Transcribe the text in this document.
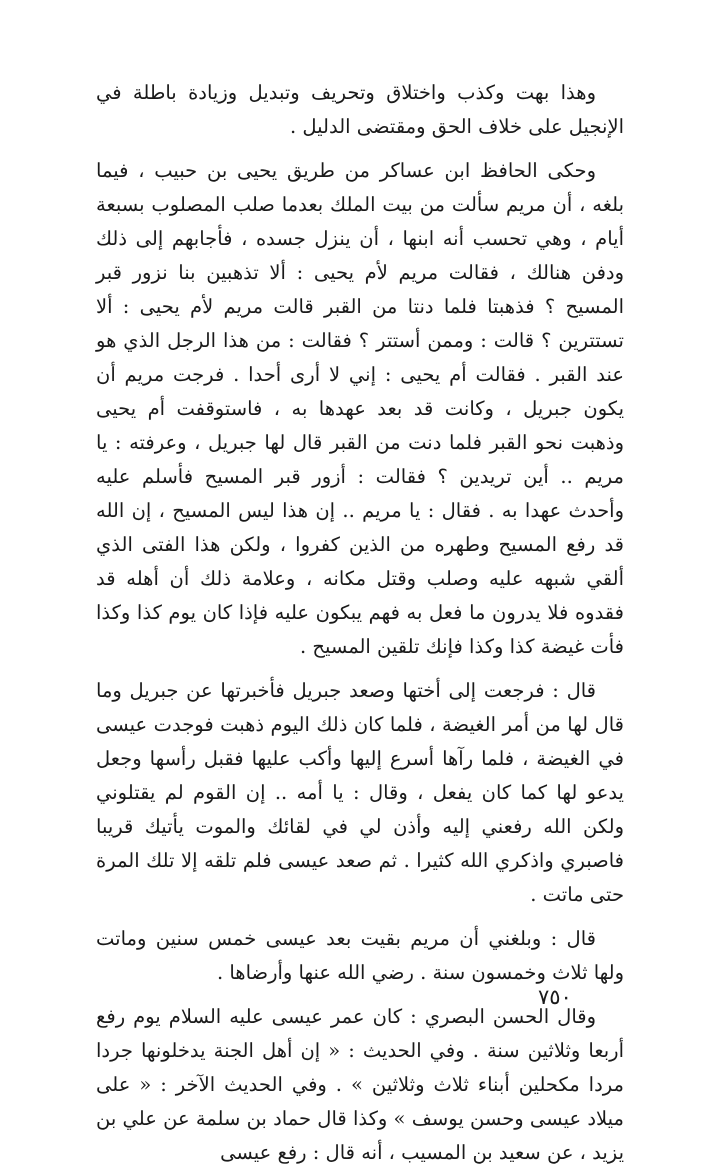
وهذا بهت وكذب واختلاق وتحريف وتبديل وزيادة باطلة في الإنجيل على خلاف الحق ومقتضى الدليل .

وحكى الحافظ ابن عساكر من طريق يحيى بن حبيب ، فيما بلغه ، أن مريم سألت من بيت الملك بعدما صلب المصلوب بسبعة أيام ، وهي تحسب أنه ابنها ، أن ينزل جسده ، فأجابهم إلى ذلك ودفن هنالك ، فقالت مريم لأم يحيى : ألا تذهبين بنا نزور قبر المسيح ؟ فذهبتا فلما دنتا من القبر قالت مريم لأم يحيى : ألا تستترين ؟ قالت : وممن أستتر ؟ فقالت : من هذا الرجل الذي هو عند القبر . فقالت أم يحيى : إني لا أرى أحدا . فرجت مريم أن يكون جبريل ، وكانت قد بعد عهدها به ، فاستوقفت أم يحيى وذهبت نحو القبر فلما دنت من القبر قال لها جبريل ، وعرفته : يا مريم .. أين تريدين ؟ فقالت : أزور قبر المسيح فأسلم عليه وأحدث عهدا به . فقال : يا مريم .. إن هذا ليس المسيح ، إن الله قد رفع المسيح وطهره من الذين كفروا ، ولكن هذا الفتى الذي ألقي شبهه عليه وصلب وقتل مكانه ، وعلامة ذلك أن أهله قد فقدوه فلا يدرون ما فعل به فهم يبكون عليه فإذا كان يوم كذا وكذا فأت غيضة كذا وكذا فإنك تلقين المسيح .

قال : فرجعت إلى أختها وصعد جبريل فأخبرتها عن جبريل وما قال لها من أمر الغيضة ، فلما كان ذلك اليوم ذهبت فوجدت عيسى في الغيضة ، فلما رآها أسرع إليها وأكب عليها فقبل رأسها وجعل يدعو لها كما كان يفعل ، وقال : يا أمه .. إن القوم لم يقتلوني ولكن الله رفعني إليه وأذن لي في لقائك والموت يأتيك قريبا فاصبري واذكري الله كثيرا . ثم صعد عيسى فلم تلقه إلا تلك المرة حتى ماتت .

قال : وبلغني أن مريم بقيت بعد عيسى خمس سنين وماتت ولها ثلاث وخمسون سنة . رضي الله عنها وأرضاها .

وقال الحسن البصري : كان عمر عيسى عليه السلام يوم رفع أربعا وثلاثين سنة . وفي الحديث : « إن أهل الجنة يدخلونها جردا مردا مكحلين أبناء ثلاث وثلاثين » . وفي الحديث الآخر : « على ميلاد عيسى وحسن يوسف » وكذا قال حماد بن سلمة عن علي بن يزيد ، عن سعيد بن المسيب ، أنه قال : رفع عيسى

٧٥٠
